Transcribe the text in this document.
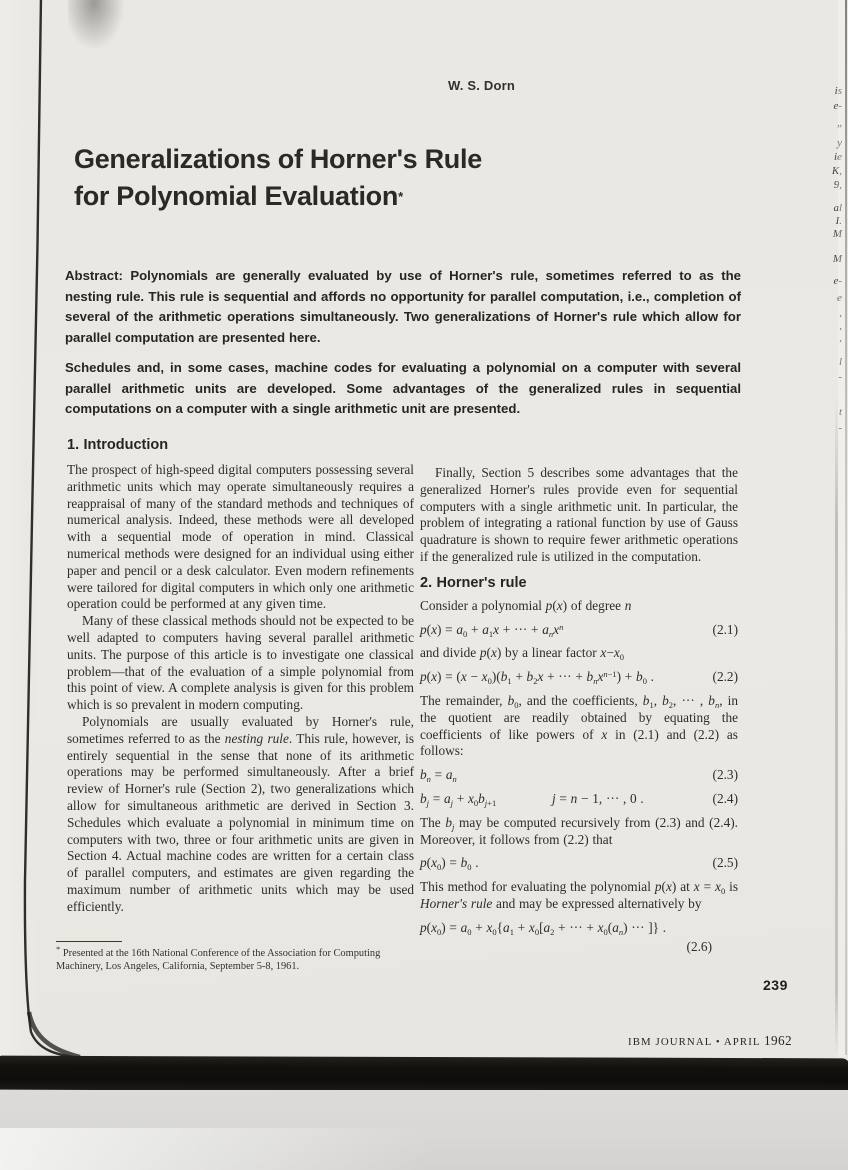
is
e-
”
y
ie
K,
9,
al
I.
M
M
e-
e
,
,
,
l
-
t
-
W. S. Dorn
Generalizations of Horner's Rule
for Polynomial Evaluation*
Abstract: Polynomials are generally evaluated by use of Horner's rule, sometimes referred to as the nesting rule. This rule is sequential and affords no opportunity for parallel computation, i.e., completion of several of the arithmetic operations simultaneously. Two generalizations of Horner's rule which allow for parallel computation are presented here.
Schedules and, in some cases, machine codes for evaluating a polynomial on a computer with several parallel arithmetic units are developed. Some advantages of the generalized rules in sequential computations on a computer with a single arithmetic unit are presented.
1. Introduction

The prospect of high-speed digital computers possessing several arithmetic units which may operate simultaneously requires a reappraisal of many of the standard methods and techniques of numerical analysis. Indeed, these methods were all developed with a sequential mode of operation in mind. Classical numerical methods were designed for an individual using either paper and pencil or a desk calculator. Even modern refinements were tailored for digital computers in which only one arithmetic operation could be performed at any given time.

Many of these classical methods should not be expected to be well adapted to computers having several parallel arithmetic units. The purpose of this article is to investigate one classical problem—that of the evaluation of a simple polynomial from this point of view. A complete analysis is given for this problem which is so prevalent in modern computing.

Polynomials are usually evaluated by Horner's rule, sometimes referred to as the nesting rule. This rule, however, is entirely sequential in the sense that none of its arithmetic operations may be performed simultaneously. After a brief review of Horner's rule (Section 2), two generalizations which allow for simultaneous arithmetic are derived in Section 3. Schedules which evaluate a polynomial in minimum time on computers with two, three or four arithmetic units are given in Section 4. Actual machine codes are written for a certain class of parallel computers, and estimates are given regarding the maximum number of arithmetic units which may be used efficiently.

* Presented at the 16th National Conference of the Association for Computing Machinery, Los Angeles, California, September 5-8, 1961.

Finally, Section 5 describes some advantages that the generalized Horner's rules provide even for sequential computers with a single arithmetic unit. In particular, the problem of integrating a rational function by use of Gauss quadrature is shown to require fewer arithmetic operations if the generalized rule is utilized in the computation.

2. Horner's rule

Consider a polynomial p(x) of degree n

$p(x) = a_0 + a_1x$ + ··· + $a_nx^n$	(2.1)

and divide p(x) by a linear factor $x-x_0$

$p(x) = (x - x_0)(b_1 + b_2x$ + ··· + $b_nx^{n-1}) + b_0$ .	(2.2)

The remainder, $b_0$, and the coefficients, $b_1$, $b_2$, ··· , $b_n$, in the quotient are readily obtained by equating the coefficients of like powers of x in (2.1) and (2.2) as follows:

$b_n = a_n$	(2.3)
$b_j = a_j + x_0b_{j+1}$	j = n − 1, ··· , 0 .	(2.4)

The $b_j$ may be computed recursively from (2.3) and (2.4). Moreover, it follows from (2.2) that

$p(x_0) = b_0$ .	(2.5)

This method for evaluating the polynomial p(x) at $x = x_0$ is Horner's rule and may be expressed alternatively by

$p(x_0) = a_0 + x_0\{a_1 + x_0[a_2$ + ··· + $x_0(a_n)$ ··· ]} .
(2.6)
239
IBM JOURNAL • APRIL 1962
